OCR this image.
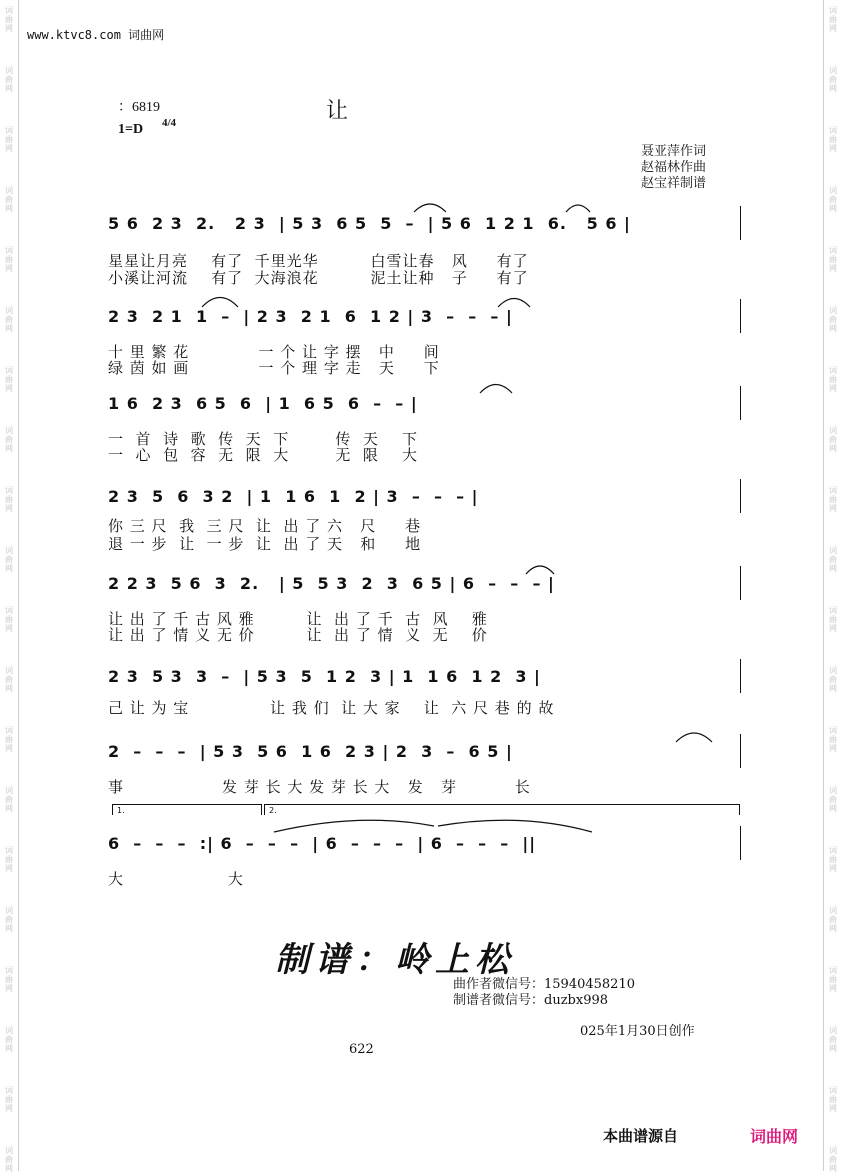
词曲网
词曲网
词曲网
词曲网
词曲网
词曲网
词曲网
词曲网
词曲网
词曲网
词曲网
词曲网
词曲网
词曲网
词曲网
词曲网
词曲网
词曲网
词曲网
词曲网
词曲网
词曲网
词曲网
词曲网
词曲网
词曲网
词曲网
词曲网
词曲网
词曲网
词曲网
词曲网
词曲网
词曲网
词曲网
词曲网
词曲网
词曲网
词曲网
词曲网
www.ktvc8.com 词曲网
让
：6819
1=D 4/4
聂亚萍作词
赵福林作曲
赵宝祥制谱
5 6  2 3  2.   2 3  | 5 3  6 5  5  –  | 5 6  1 2 1  6.   5 6 |
星星让月亮    有了  千里光华         白雪让春   风     有了
小溪让河流    有了  大海浪花         泥土让种   子     有了
2 3  2 1  1  –  | 2 3  2 1  6  1 2 | 3  –  –  – |
十 里 繁 花            一 个 让 字 摆   中     间
绿 茵 如 画            一 个 理 字 走   天     下
1 6  2 3  6 5  6  | 1  6 5  6  –  – |
一  首  诗  歌  传  天  下        传  天    下
一  心  包  容  无  限  大        无  限    大
2 3  5  6  3 2  | 1  1 6  1  2 | 3  –  –  – |
你 三 尺  我  三 尺  让  出 了 六   尺     巷
退 一 步  让  一 步  让  出 了 天   和     地
2 2 3  5 6  3  2.   | 5  5 3  2  3  6 5 | 6  –  –  – |
让 出 了 千 古 风 雅         让  出 了 千  古  风    雅
让 出 了 情 义 无 价         让  出 了 情  义  无    价
2 3  5 3  3  –  | 5 3  5  1 2  3 | 1  1 6  1 2  3 |
己 让 为 宝              让 我 们  让 大 家    让  六 尺 巷 的 故
2  –  –  –  | 5 3  5 6  1 6  2 3 | 2  3  –  6 5 |
事                 发 芽 长 大 发 芽 长 大   发   芽          长
1.	2.
6  –  –  –  :| 6  –  –  –  | 6  –  –  –  | 6  –  –  –  ||
大                  大
制谱：岭上松
曲作者微信号：15940458210
制谱者微信号：duzbx998
025年1月30日创作
622
本曲谱源自	词曲网
